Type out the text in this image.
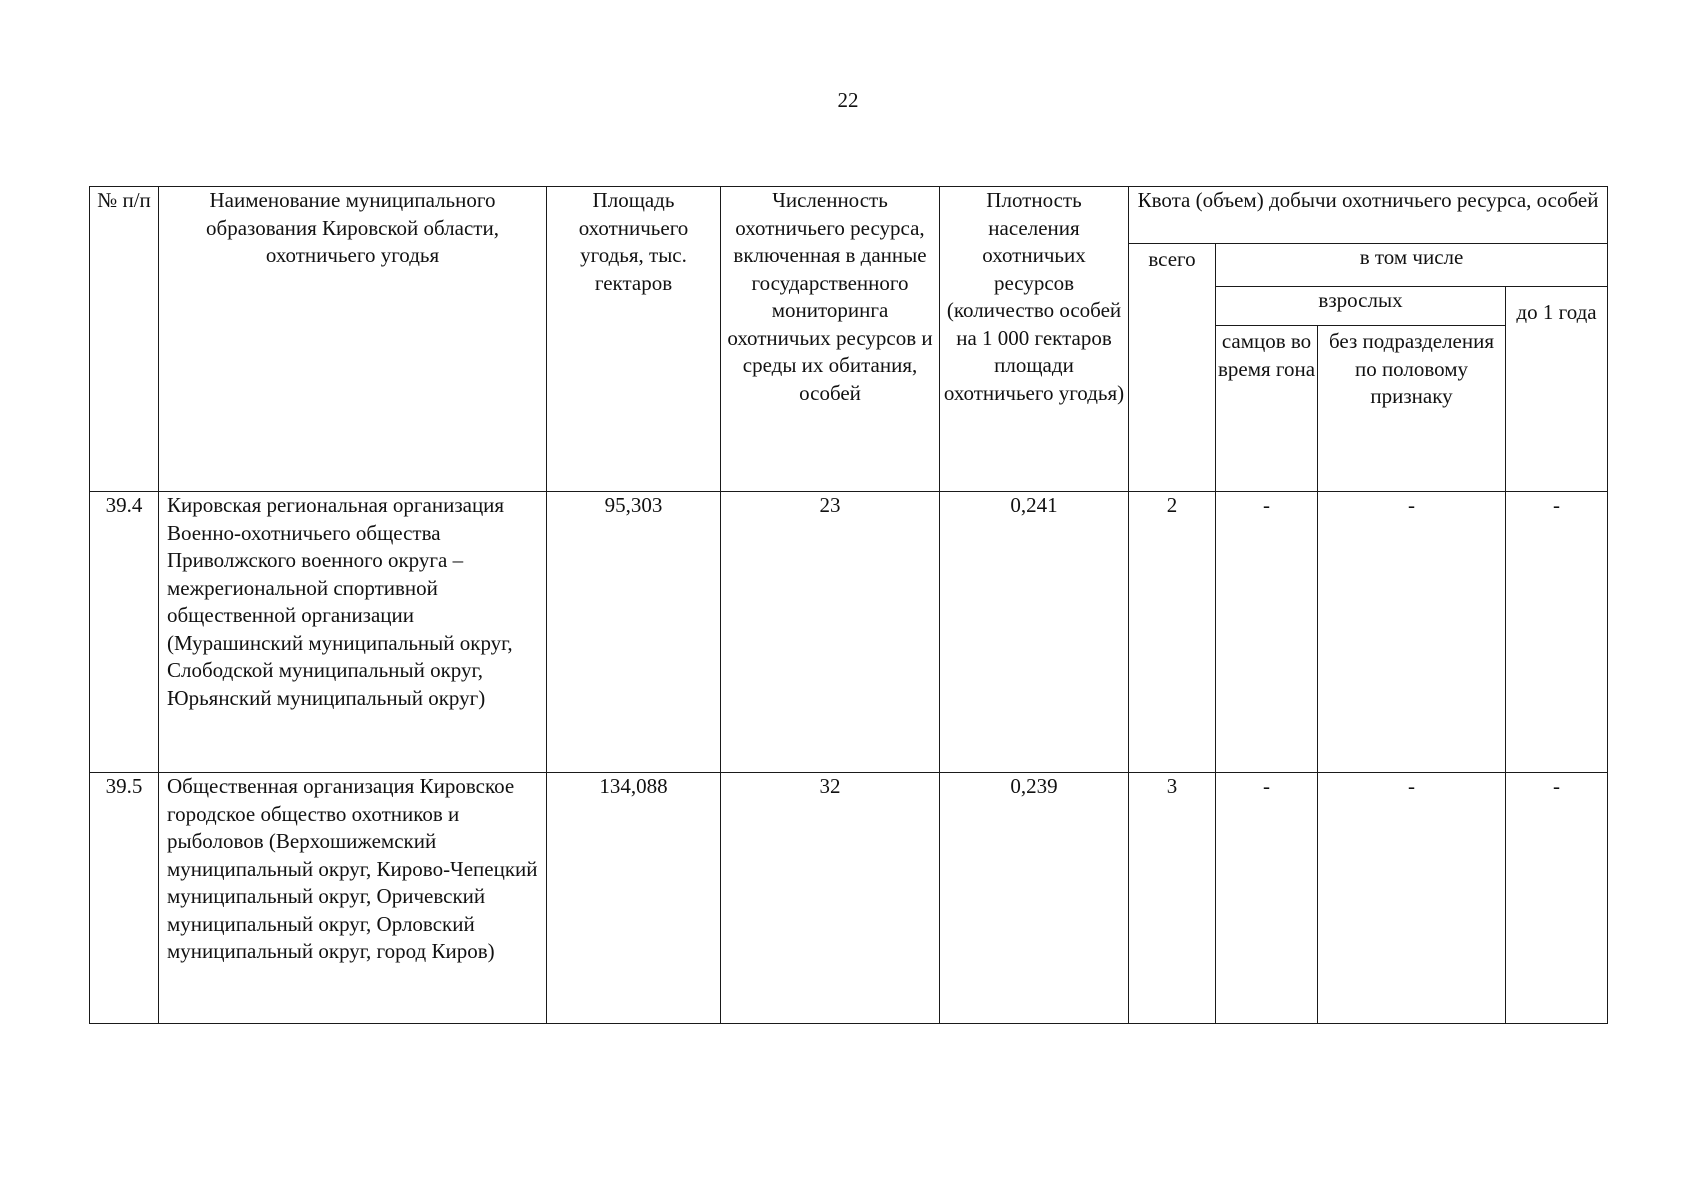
22
№ п/п	Наименование муниципального образования Кировской области, охотничьего угодья	Площадь охотничьего угодья, тыс. гектаров	Численность охотничьего ресурса, включенная в данные государственного мониторинга охотничьих ресурсов и среды их обитания, особей	Плотность населения охотничьих ресурсов (количество особей на 1 000 гектаров площади охотничьего угодья)	Квота (объем) добычи охотничьего ресурса, особей			

					всего	в том числе		

						взрослых		до 1 года

						самцов во время гона	без подразделения по половому признаку	

39.4	Кировская региональная организация Военно-охотничьего общества Приволжского военного округа – межрегиональной спортивной общественной организации (Мурашинский муниципальный округ, Слободской муниципальный округ, Юрьянский муниципальный округ)	95,303	23	0,241	2	-	-	-
39.5	Общественная организация Кировское городское общество охотников и рыболовов (Верхошижемский муниципальный округ, Кирово-Чепецкий муниципальный округ, Оричевский муниципальный округ, Орловский муниципальный округ, город Киров)	134,088	32	0,239	3	-	-	-
